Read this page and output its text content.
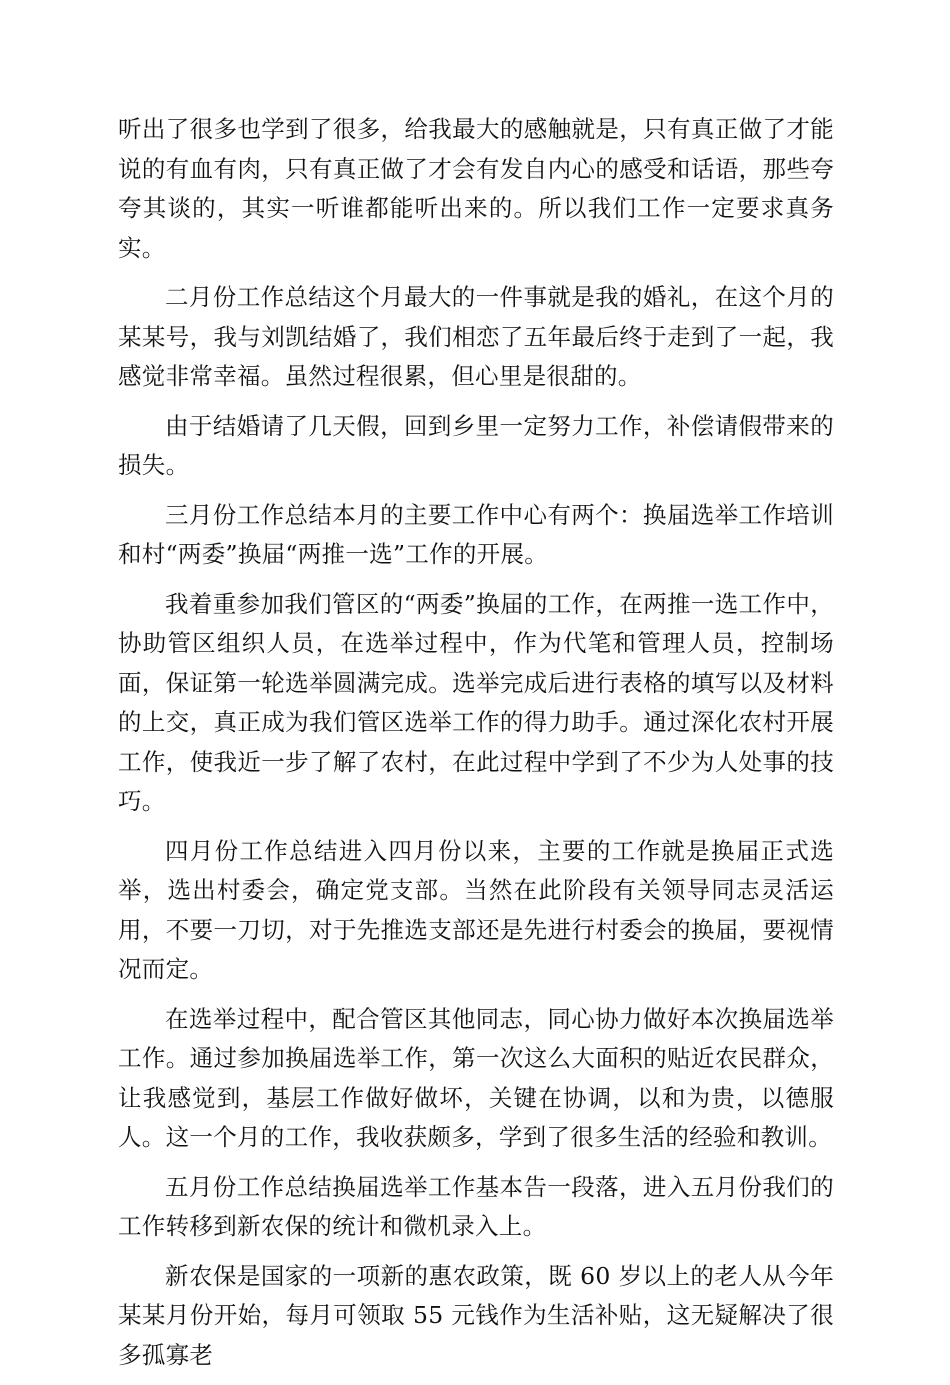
听出了很多也学到了很多，给我最大的感触就是，只有真正做了才能说的有血有肉，只有真正做了才会有发自内心的感受和话语，那些夸夸其谈的，其实一听谁都能听出来的。所以我们工作一定要求真务实。

二月份工作总结这个月最大的一件事就是我的婚礼，在这个月的某某号，我与刘凯结婚了，我们相恋了五年最后终于走到了一起，我感觉非常幸福。虽然过程很累，但心里是很甜的。

由于结婚请了几天假，回到乡里一定努力工作，补偿请假带来的损失。

三月份工作总结本月的主要工作中心有两个：换届选举工作培训和村“两委”换届“两推一选”工作的开展。

我着重参加我们管区的“两委”换届的工作，在两推一选工作中，协助管区组织人员，在选举过程中，作为代笔和管理人员，控制场面，保证第一轮选举圆满完成。选举完成后进行表格的填写以及材料的上交，真正成为我们管区选举工作的得力助手。通过深化农村开展工作，使我近一步了解了农村，在此过程中学到了不少为人处事的技巧。

四月份工作总结进入四月份以来，主要的工作就是换届正式选举，选出村委会，确定党支部。当然在此阶段有关领导同志灵活运用，不要一刀切，对于先推选支部还是先进行村委会的换届，要视情况而定。

在选举过程中，配合管区其他同志，同心协力做好本次换届选举工作。通过参加换届选举工作，第一次这么大面积的贴近农民群众，让我感觉到，基层工作做好做坏，关键在协调，以和为贵，以德服人。这一个月的工作，我收获颇多，学到了很多生活的经验和教训。

五月份工作总结换届选举工作基本告一段落，进入五月份我们的工作转移到新农保的统计和微机录入上。

新农保是国家的一项新的惠农政策，既 60 岁以上的老人从今年某某月份开始，每月可领取 55 元钱作为生活补贴，这无疑解决了很多孤寡老
